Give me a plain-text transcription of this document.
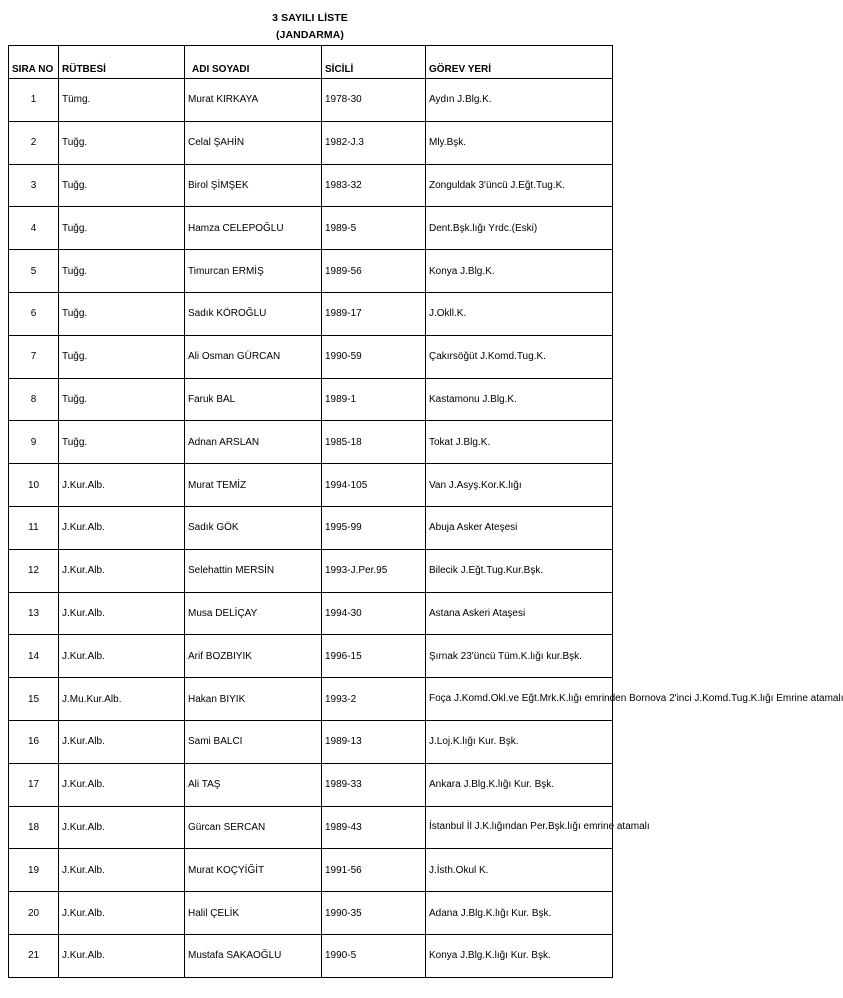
3 SAYILI LİSTE
(JANDARMA)
SIRA NO	RÜTBESİ	ADI SOYADI	SİCİLİ	GÖREV YERİ
1	Tümg.	Murat KIRKAYA	1978-30	Aydın J.Blg.K.
2	Tuğg.	Celal ŞAHİN	1982-J.3	Mly.Bşk.
3	Tuğg.	Birol ŞİMŞEK	1983-32	Zonguldak 3'üncü J.Eğt.Tug.K.
4	Tuğg.	Hamza CELEPOĞLU	1989-5	Dent.Bşk.lığı Yrdc.(Eski)
5	Tuğg.	Timurcan ERMİŞ	1989-56	Konya J.Blg.K.
6	Tuğg.	Sadık KÖROĞLU	1989-17	J.Okll.K.
7	Tuğg.	Ali Osman GÜRCAN	1990-59	Çakırsöğüt J.Komd.Tug.K.
8	Tuğg.	Faruk BAL	1989-1	Kastamonu J.Blg.K.
9	Tuğg.	Adnan ARSLAN	1985-18	Tokat J.Blg.K.
10	J.Kur.Alb.	Murat TEMİZ	1994-105	Van J.Asyş.Kor.K.lığı
11	J.Kur.Alb.	Sadık GÖK	1995-99	Abuja Asker Ateşesi
12	J.Kur.Alb.	Selehattin MERSİN	1993-J.Per.95	Bilecik J.Eğt.Tug.Kur.Bşk.
13	J.Kur.Alb.	Musa DELİÇAY	1994-30	Astana Askeri Ataşesi
14	J.Kur.Alb.	Arif BOZBIYIK	1996-15	Şırnak 23'üncü Tüm.K.lığı kur.Bşk.
15	J.Mu.Kur.Alb.	Hakan BIYIK	1993-2	Foça J.Komd.Okl.ve Eğt.Mrk.K.lığı emrinden Bornova 2'inci J.Komd.Tug.K.lığı Emrine atamalı
16	J.Kur.Alb.	Sami BALCI	1989-13	J.Loj.K.lığı Kur. Bşk.
17	J.Kur.Alb.	Ali TAŞ	1989-33	Ankara J.Blg.K.lığı Kur. Bşk.
18	J.Kur.Alb.	Gürcan SERCAN	1989-43	İstanbul İl J.K.lığından Per.Bşk.lığı emrine atamalı
19	J.Kur.Alb.	Murat KOÇYİĞİT	1991-56	J.İsth.Okul K.
20	J.Kur.Alb.	Halil ÇELİK	1990-35	Adana J.Blg.K.lığı Kur. Bşk.
21	J.Kur.Alb.	Mustafa SAKAOĞLU	1990-5	Konya J.Blg.K.lığı Kur. Bşk.
